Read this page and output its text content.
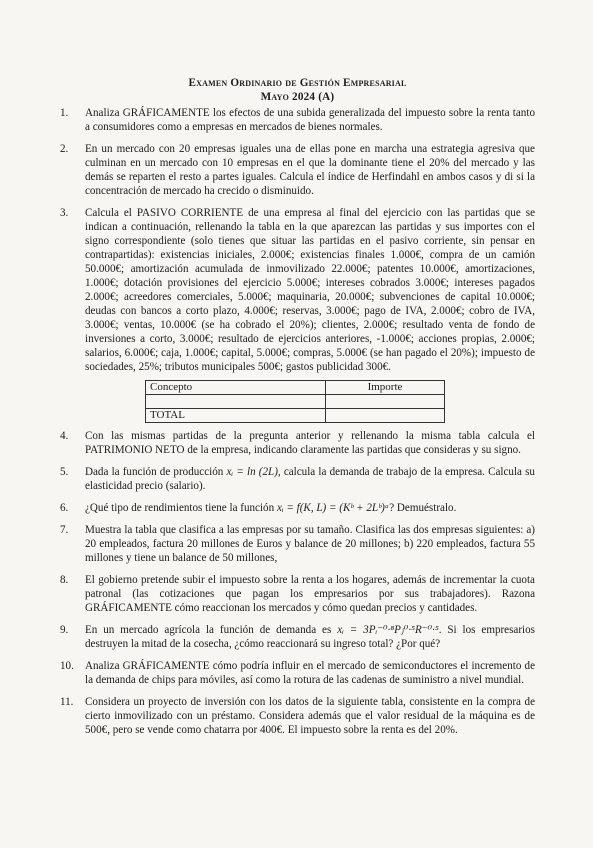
Examen Ordinario de Gestión Empresarial
Mayo 2024 (A)
1.	Analiza GRÁFICAMENTE los efectos de una subida generalizada del impuesto sobre la renta tanto a consumidores como a empresas en mercados de bienes normales.
2.	En un mercado con 20 empresas iguales una de ellas pone en marcha una estrategia agresiva que culminan en un mercado con 10 empresas en el que la dominante tiene el 20% del mercado y las demás se reparten el resto a partes iguales. Calcula el índice de Herfindahl en ambos casos y di si la concentración de mercado ha crecido o disminuido.
3.	Calcula el PASIVO CORRIENTE de una empresa al final del ejercicio con las partidas que se indican a continuación, rellenando la tabla en la que aparezcan las partidas y sus importes con el signo correspondiente (solo tienes que situar las partidas en el pasivo corriente, sin pensar en contrapartidas): existencias iniciales, 2.000€; existencias finales 1.000€, compra de un camión 50.000€; amortización acumulada de inmovilizado 22.000€; patentes 10.000€, amortizaciones, 1.000€; dotación provisiones del ejercicio 5.000€; intereses cobrados 3.000€; intereses pagados 2.000€; acreedores comerciales, 5.000€; maquinaria, 20.000€; subvenciones de capital 10.000€; deudas con bancos a corto plazo, 4.000€; reservas, 3.000€; pago de IVA, 2.000€; cobro de IVA, 3.000€; ventas, 10.000€ (se ha cobrado el 20%); clientes, 2.000€; resultado venta de fondo de inversiones a corto, 3.000€; resultado de ejercicios anteriores, -1.000€; acciones propias, 2.000€; salarios, 6.000€; caja, 1.000€; capital, 5.000€; compras, 5.000€ (se han pagado el 20%); impuesto de sociedades, 25%; tributos municipales 500€; gastos publicidad 300€.
Concepto	Importe

TOTAL	
4.	Con las mismas partidas de la pregunta anterior y rellenando la misma tabla calcula el PATRIMONIO NETO de la empresa, indicando claramente las partidas que consideras y su signo.
5.	Dada la función de producción xᵢ = ln (2L), calcula la demanda de trabajo de la empresa. Calcula su elasticidad precio (salario).
6.	¿Qué tipo de rendimientos tiene la función xᵢ = f(K, L) = (Kᵇ + 2Lᵇ)ᵃ? Demuéstralo.
7.	Muestra la tabla que clasifica a las empresas por su tamaño. Clasifica las dos empresas siguientes: a) 20 empleados, factura 20 millones de Euros y balance de 20 millones; b) 220 empleados, factura 55 millones y tiene un balance de 50 millones,
8.	El gobierno pretende subir el impuesto sobre la renta a los hogares, además de incrementar la cuota patronal (las cotizaciones que pagan los empresarios por sus trabajadores). Razona GRÁFICAMENTE cómo reaccionan los mercados y cómo quedan precios y cantidades.
9.	En un mercado agrícola la función de demanda es xᵢ = 3Pᵢ⁻⁰·⁸Pⱼ⁰·⁵R⁻⁰·⁵. Si los empresarios destruyen la mitad de la cosecha, ¿cómo reaccionará su ingreso total? ¿Por qué?
10.	Analiza GRÁFICAMENTE cómo podría influir en el mercado de semiconductores el incremento de la demanda de chips para móviles, así como la rotura de las cadenas de suministro a nivel mundial.
11.	Considera un proyecto de inversión con los datos de la siguiente tabla, consistente en la compra de cierto inmovilizado con un préstamo. Considera además que el valor residual de la máquina es de 500€, pero se vende como chatarra por 400€. El impuesto sobre la renta es del 20%.
